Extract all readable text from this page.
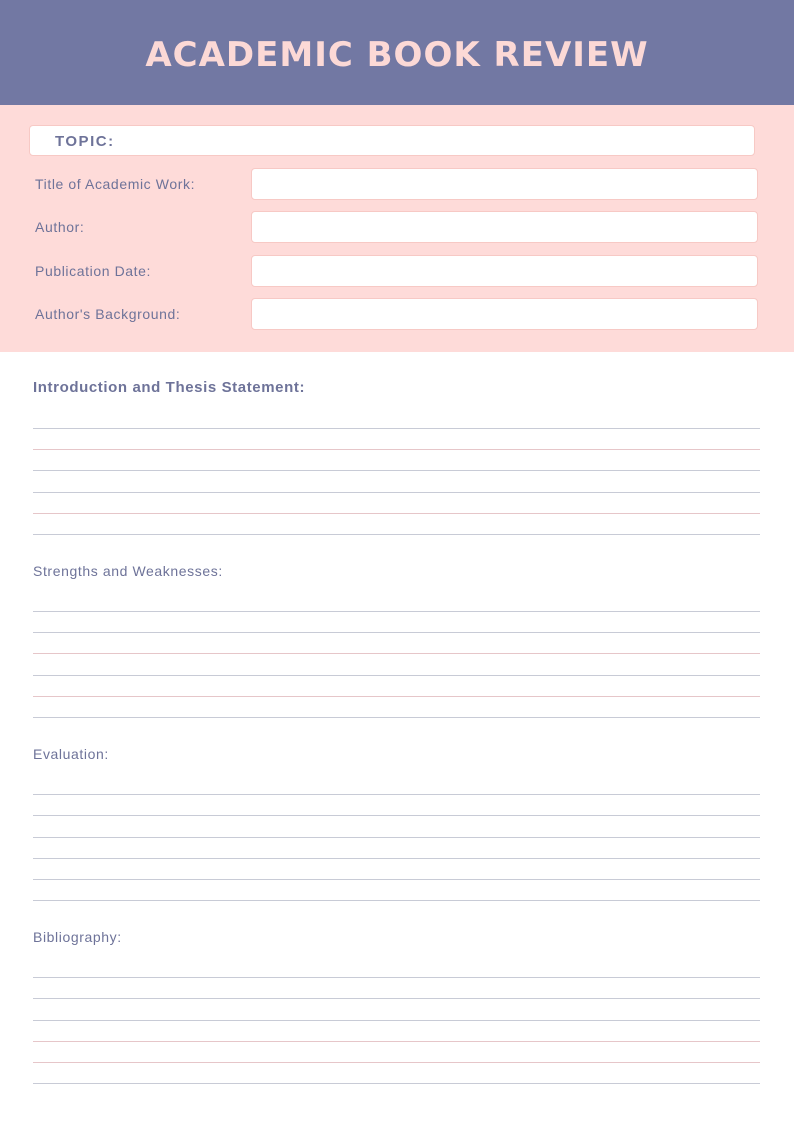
ACADEMIC BOOK REVIEW
TOPIC:
Title of Academic Work:
Author:
Publication Date:
Author's Background:
Introduction and Thesis Statement:
Strengths and Weaknesses:
Evaluation:
Bibliography:
